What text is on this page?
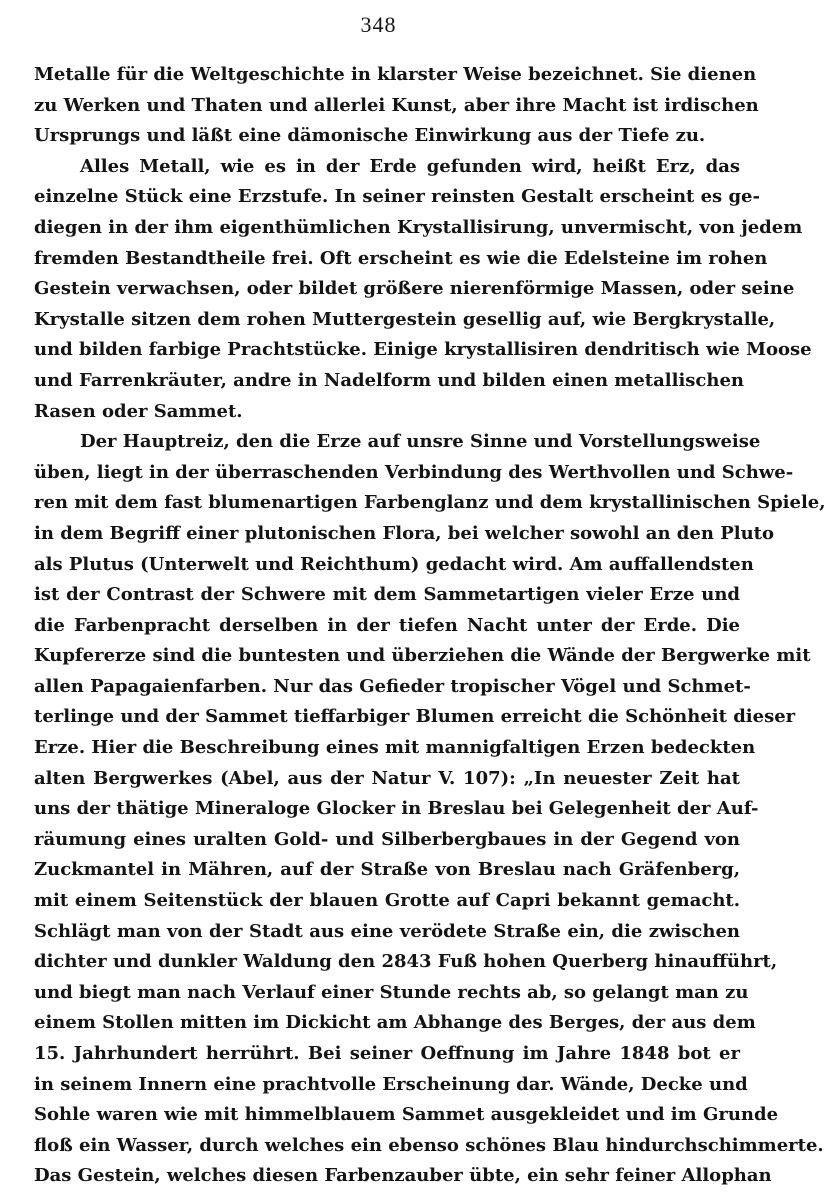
348
Metalle für die Weltgeschichte in klarster Weise bezeichnet. Sie dienen
zu Werken und Thaten und allerlei Kunst, aber ihre Macht ist irdischen
Ursprungs und läßt eine dämonische Einwirkung aus der Tiefe zu.
Alles Metall, wie es in der Erde gefunden wird, heißt Erz, das
einzelne Stück eine Erzstufe. In seiner reinsten Gestalt erscheint es ge-
diegen in der ihm eigenthümlichen Krystallisirung, unvermischt, von jedem
fremden Bestandtheile frei. Oft erscheint es wie die Edelsteine im rohen
Gestein verwachsen, oder bildet größere nierenförmige Massen, oder seine
Krystalle sitzen dem rohen Muttergestein gesellig auf, wie Bergkrystalle,
und bilden farbige Prachtstücke. Einige krystallisiren dendritisch wie Moose
und Farrenkräuter, andre in Nadelform und bilden einen metallischen
Rasen oder Sammet.
Der Hauptreiz, den die Erze auf unsre Sinne und Vorstellungsweise
üben, liegt in der überraschenden Verbindung des Werthvollen und Schwe-
ren mit dem fast blumenartigen Farbenglanz und dem krystallinischen Spiele,
in dem Begriff einer plutonischen Flora, bei welcher sowohl an den Pluto
als Plutus (Unterwelt und Reichthum) gedacht wird. Am auffallendsten
ist der Contrast der Schwere mit dem Sammetartigen vieler Erze und
die Farbenpracht derselben in der tiefen Nacht unter der Erde. Die
Kupfererze sind die buntesten und überziehen die Wände der Bergwerke mit
allen Papagaienfarben. Nur das Gefieder tropischer Vögel und Schmet-
terlinge und der Sammet tieffarbiger Blumen erreicht die Schönheit dieser
Erze. Hier die Beschreibung eines mit mannigfaltigen Erzen bedeckten
alten Bergwerkes (Abel, aus der Natur V. 107): „In neuester Zeit hat
uns der thätige Mineraloge Glocker in Breslau bei Gelegenheit der Auf-
räumung eines uralten Gold- und Silberbergbaues in der Gegend von
Zuckmantel in Mähren, auf der Straße von Breslau nach Gräfenberg,
mit einem Seitenstück der blauen Grotte auf Capri bekannt gemacht.
Schlägt man von der Stadt aus eine verödete Straße ein, die zwischen
dichter und dunkler Waldung den 2843 Fuß hohen Querberg hinaufführt,
und biegt man nach Verlauf einer Stunde rechts ab, so gelangt man zu
einem Stollen mitten im Dickicht am Abhange des Berges, der aus dem
15. Jahrhundert herrührt. Bei seiner Oeffnung im Jahre 1848 bot er
in seinem Innern eine prachtvolle Erscheinung dar. Wände, Decke und
Sohle waren wie mit himmelblauem Sammet ausgekleidet und im Grunde
floß ein Wasser, durch welches ein ebenso schönes Blau hindurchschimmerte.
Das Gestein, welches diesen Farbenzauber übte, ein sehr feiner Allophan
